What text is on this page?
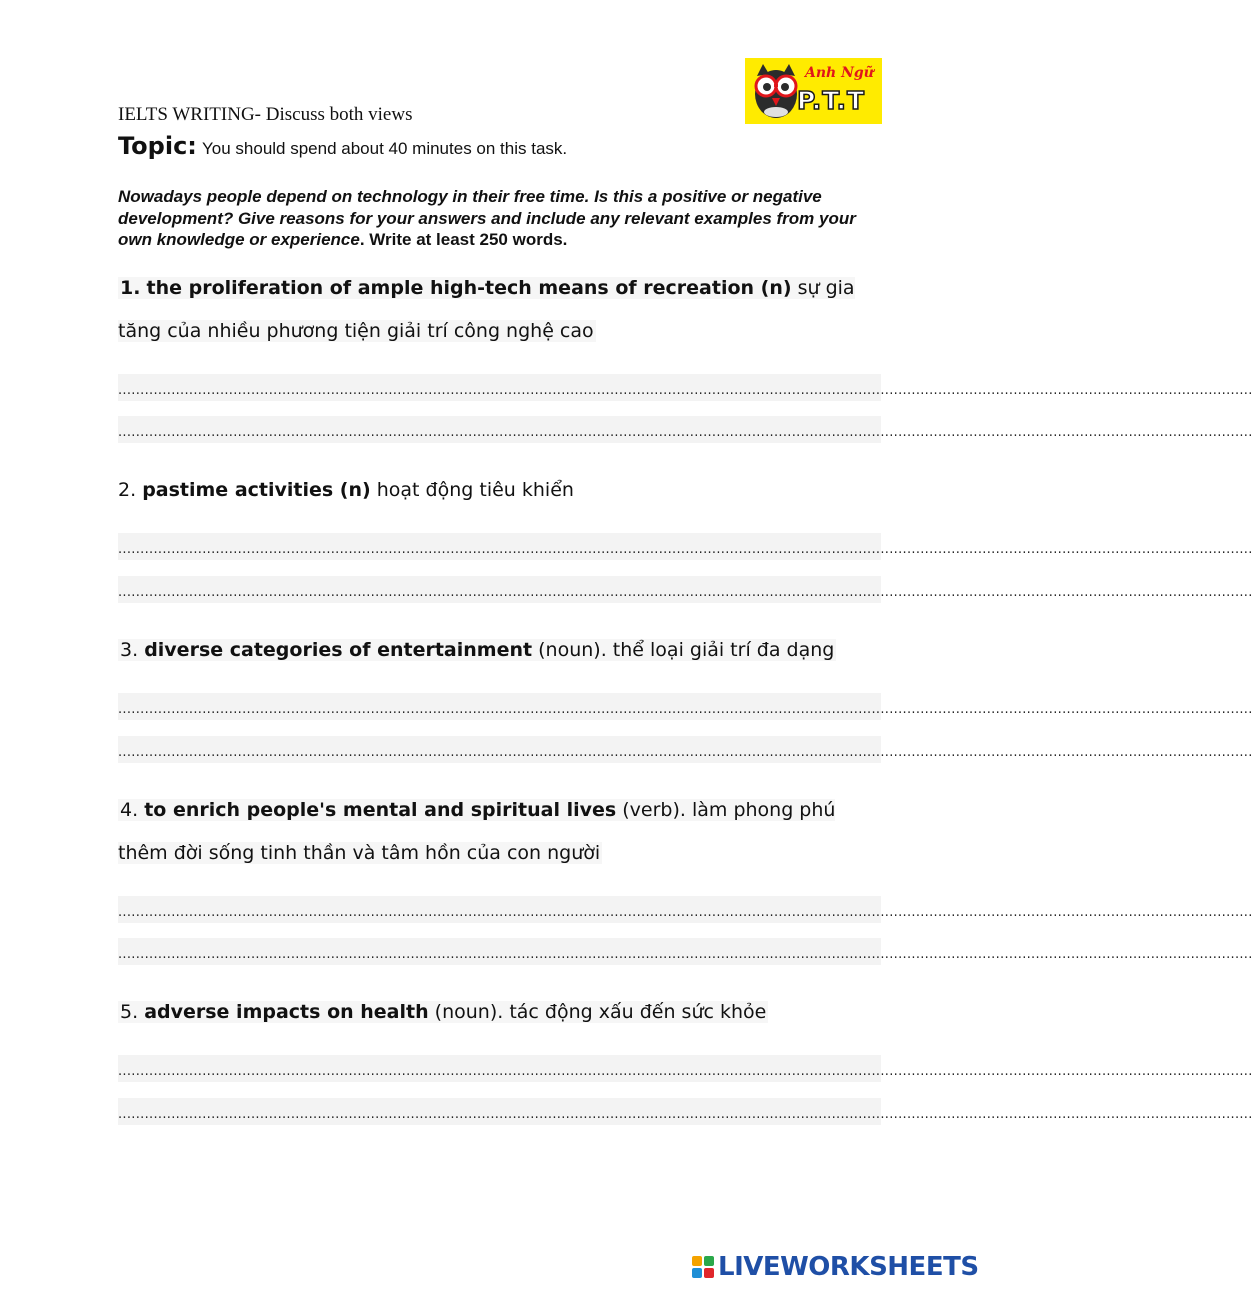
Anh Ngữ
P.T.T
IELTS WRITING- Discuss both views
Topic: You should spend about 40 minutes on this task.
Nowadays people depend on technology in their free time. Is this a positive or negative development? Give reasons for your answers and include any relevant examples from your own knowledge or experience. Write at least 250 words.
1. the proliferation of ample high-tech means of recreation (n) sự gia tăng của nhiều phương tiện giải trí công nghệ cao
................................................................................................................................................................................................................................................................
................................................................................................................................................................................................................................................................
2. pastime activities (n) hoạt động tiêu khiển
................................................................................................................................................................................................................................................................
................................................................................................................................................................................................................................................................
3. diverse categories of entertainment (noun). thể loại giải trí đa dạng
................................................................................................................................................................................................................................................................
................................................................................................................................................................................................................................................................
4. to enrich people's mental and spiritual lives (verb). làm phong phú thêm đời sống tinh thần và tâm hồn của con người
................................................................................................................................................................................................................................................................
................................................................................................................................................................................................................................................................
5. adverse impacts on health (noun). tác động xấu đến sức khỏe
................................................................................................................................................................................................................................................................
................................................................................................................................................................................................................................................................
LIVEWORKSHEETS
